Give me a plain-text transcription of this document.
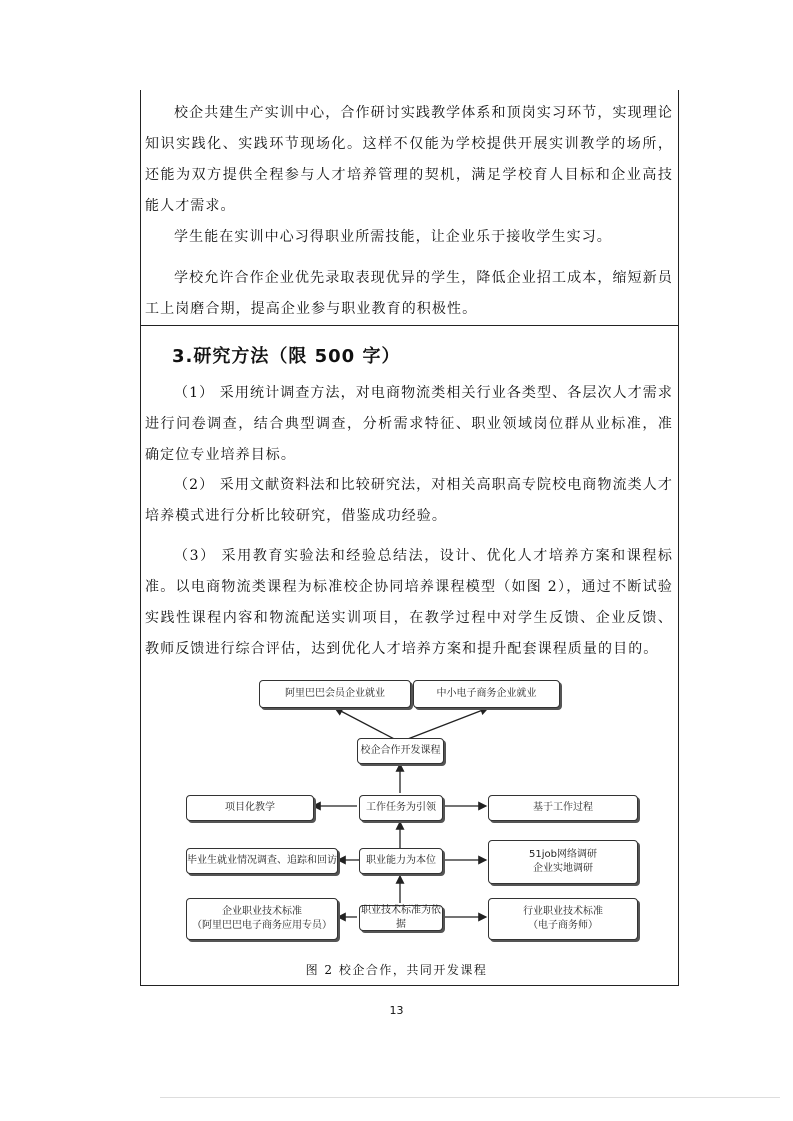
校企共建生产实训中心，合作研讨实践教学体系和顶岗实习环节，实现理论知识实践化、实践环节现场化。这样不仅能为学校提供开展实训教学的场所，还能为双方提供全程参与人才培养管理的契机，满足学校育人目标和企业高技能人才需求。
学生能在实训中心习得职业所需技能，让企业乐于接收学生实习。
学校允许合作企业优先录取表现优异的学生，降低企业招工成本，缩短新员工上岗磨合期，提高企业参与职业教育的积极性。
3.研究方法（限 500 字）
（1） 采用统计调查方法，对电商物流类相关行业各类型、各层次人才需求进行问卷调查，结合典型调查，分析需求特征、职业领域岗位群从业标准，准确定位专业培养目标。
（2） 采用文献资料法和比较研究法，对相关高职高专院校电商物流类人才培养模式进行分析比较研究，借鉴成功经验。
（3） 采用教育实验法和经验总结法，设计、优化人才培养方案和课程标准。以电商物流类课程为标准校企协同培养课程模型（如图 2），通过不断试验实践性课程内容和物流配送实训项目，在教学过程中对学生反馈、企业反馈、教师反馈进行综合评估，达到优化人才培养方案和提升配套课程质量的目的。
阿里巴巴会员企业就业	中小电子商务企业就业
校企合作开发课程
项目化教学	工作任务为引领	基于工作过程
毕业生就业情况调查、追踪和回访	职业能力为本位
51job网络调研
企业实地调研
企业职业技术标准
（阿里巴巴电子商务应用专员）
职业技术标准为依据
行业职业技术标准
（电子商务师）
图 2 校企合作，共同开发课程
13
